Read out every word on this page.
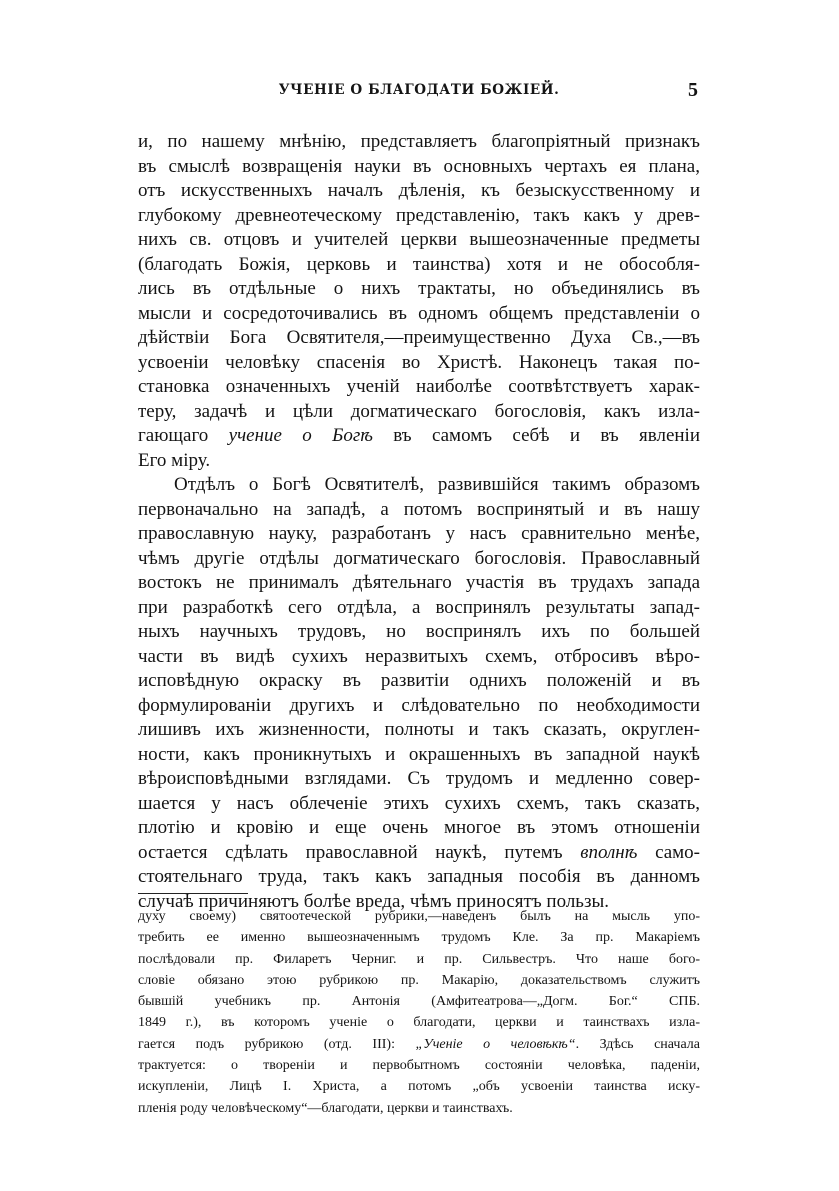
УЧЕНІЕ О БЛАГОДАТИ БОЖІЕЙ.	5
и, по нашему мнѣнію, представляетъ благопріятный признакъ
въ смыслѣ возвращенія науки въ основныхъ чертахъ ея плана,
отъ искусственныхъ началъ дѣленія, къ безыскусственному и
глубокому древнеотеческому представленію, такъ какъ у древ-
нихъ св. отцовъ и учителей церкви вышеозначенные предметы
(благодать Божія, церковь и таинства) хотя и не обособля-
лись въ отдѣльные о нихъ трактаты, но объединялись въ
мысли и сосредоточивались въ одномъ общемъ представленіи о
дѣйствіи Бога Освятителя,—преимущественно Духа Св.,—въ
усвоеніи человѣку спасенія во Христѣ. Наконецъ такая по-
становка означенныхъ ученій наиболѣе соотвѣтствуетъ харак-
теру, задачѣ и цѣли догматическаго богословія, какъ изла-
гающаго учение о Богѣ въ самомъ себѣ и въ явленіи
Его міру.
Отдѣлъ о Богѣ Освятителѣ, развившійся такимъ образомъ
первоначально на западѣ, а потомъ воспринятый и въ нашу
православную науку, разработанъ у насъ сравнительно менѣе,
чѣмъ другіе отдѣлы догматическаго богословія. Православный
востокъ не принималъ дѣятельнаго участія въ трудахъ запада
при разработкѣ сего отдѣла, а воспринялъ результаты запад-
ныхъ научныхъ трудовъ, но воспринялъ ихъ по большей
части въ видѣ сухихъ неразвитыхъ схемъ, отбросивъ вѣро-
исповѣдную окраску въ развитіи однихъ положеній и въ
формулированіи другихъ и слѣдовательно по необходимости
лишивъ ихъ жизненности, полноты и такъ сказать, округлен-
ности, какъ проникнутыхъ и окрашенныхъ въ западной наукѣ
вѣроисповѣдными взглядами. Съ трудомъ и медленно совер-
шается у насъ облеченіе этихъ сухихъ схемъ, такъ сказать,
плотію и кровію и еще очень многое въ этомъ отношеніи
остается сдѣлать православной наукѣ, путемъ вполнѣ само-
стоятельнаго труда, такъ какъ западныя пособія въ данномъ
случаѣ причиняютъ болѣе вреда, чѣмъ приносятъ пользы.
духу своему) святоотеческой рубрики,—наведенъ былъ на мысль упо-
требить ее именно вышеозначеннымъ трудомъ Кле. За пр. Макаріемъ
послѣдовали пр. Филаретъ Черниг. и пр. Сильвестръ. Что наше бого-
словіе обязано этою рубрикою пр. Макарію, доказательствомъ служитъ
бывшій учебникъ пр. Антонія (Амфитеатрова—„Догм. Бог.“ СПБ.
1849 г.), въ которомъ ученіе о благодати, церкви и таинствахъ изла-
гается подъ рубрикою (отд. III): „Ученіе о человѣкѣ“. Здѣсь сначала
трактуется: о твореніи и первобытномъ состояніи человѣка, паденіи,
искупленіи, Лицѣ І. Христа, а потомъ „объ усвоеніи таинства иску-
пленія роду человѣческому“—благодати, церкви и таинствахъ.
